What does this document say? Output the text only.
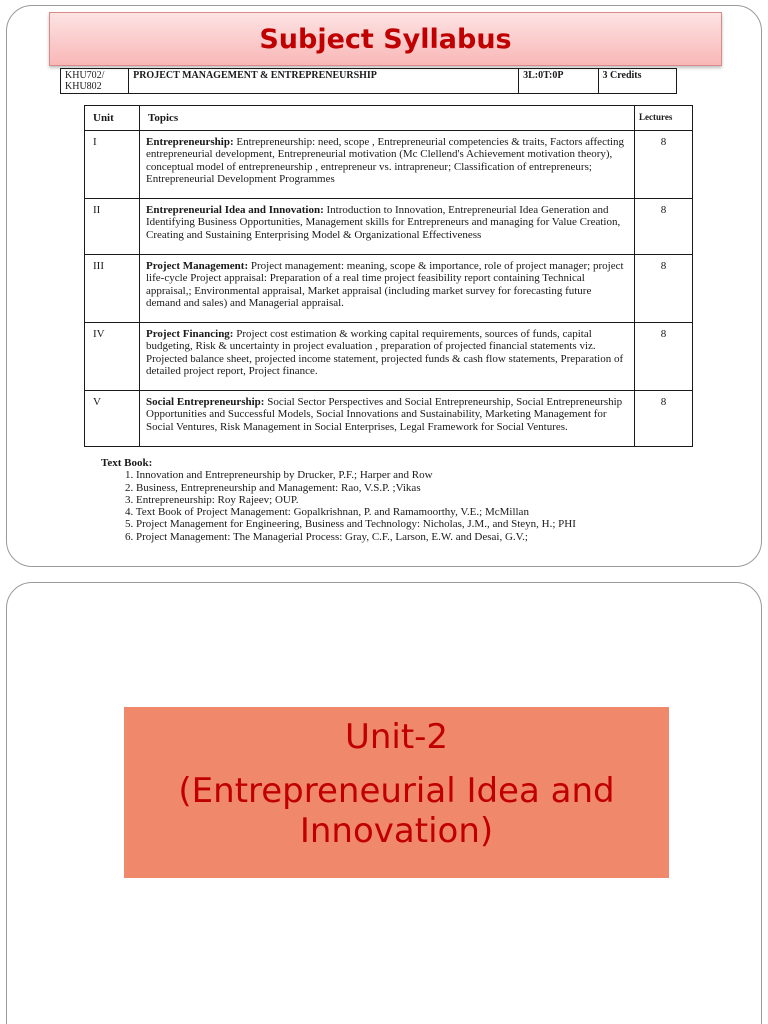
Subject Syllabus
KHU702/ KHU802	PROJECT MANAGEMENT & ENTREPRENEURSHIP	3L:0T:0P	3 Credits
Unit	Topics	Lectures
I	Entrepreneurship: Entrepreneurship: need, scope , Entrepreneurial competencies & traits, Factors affecting entrepreneurial development, Entrepreneurial motivation (Mc Clellend's Achievement motivation theory), conceptual model of entrepreneurship , entrepreneur vs. intrapreneur; Classification of entrepreneurs; Entrepreneurial Development Programmes	8
II	Entrepreneurial Idea and Innovation: Introduction to Innovation, Entrepreneurial Idea Generation and Identifying Business Opportunities, Management skills for Entrepreneurs and managing for Value Creation, Creating and Sustaining Enterprising Model & Organizational Effectiveness	8
III	Project Management: Project management: meaning, scope & importance, role of project manager; project life-cycle Project appraisal: Preparation of a real time project feasibility report containing Technical appraisal,; Environmental appraisal, Market appraisal (including market survey for forecasting future demand and sales) and Managerial appraisal.	8
IV	Project Financing: Project cost estimation & working capital requirements, sources of funds, capital budgeting, Risk & uncertainty in project evaluation , preparation of projected financial statements viz. Projected balance sheet, projected income statement, projected funds & cash flow statements, Preparation of detailed project report, Project finance.	8
V	Social Entrepreneurship: Social Sector Perspectives and Social Entrepreneurship, Social Entrepreneurship Opportunities and Successful Models, Social Innovations and Sustainability, Marketing Management for Social Ventures, Risk Management in Social Enterprises, Legal Framework for Social Ventures.	8
Text Book:
1. Innovation and Entrepreneurship by Drucker, P.F.; Harper and Row
2. Business, Entrepreneurship and Management: Rao, V.S.P. ;Vikas
3. Entrepreneurship: Roy Rajeev; OUP.
4. Text Book of Project Management: Gopalkrishnan, P. and Ramamoorthy, V.E.; McMillan
5. Project Management for Engineering, Business and Technology: Nicholas, J.M., and Steyn, H.; PHI
6. Project Management: The Managerial Process: Gray, C.F., Larson, E.W. and Desai, G.V.;
Unit-2
(Entrepreneurial Idea and Innovation)
